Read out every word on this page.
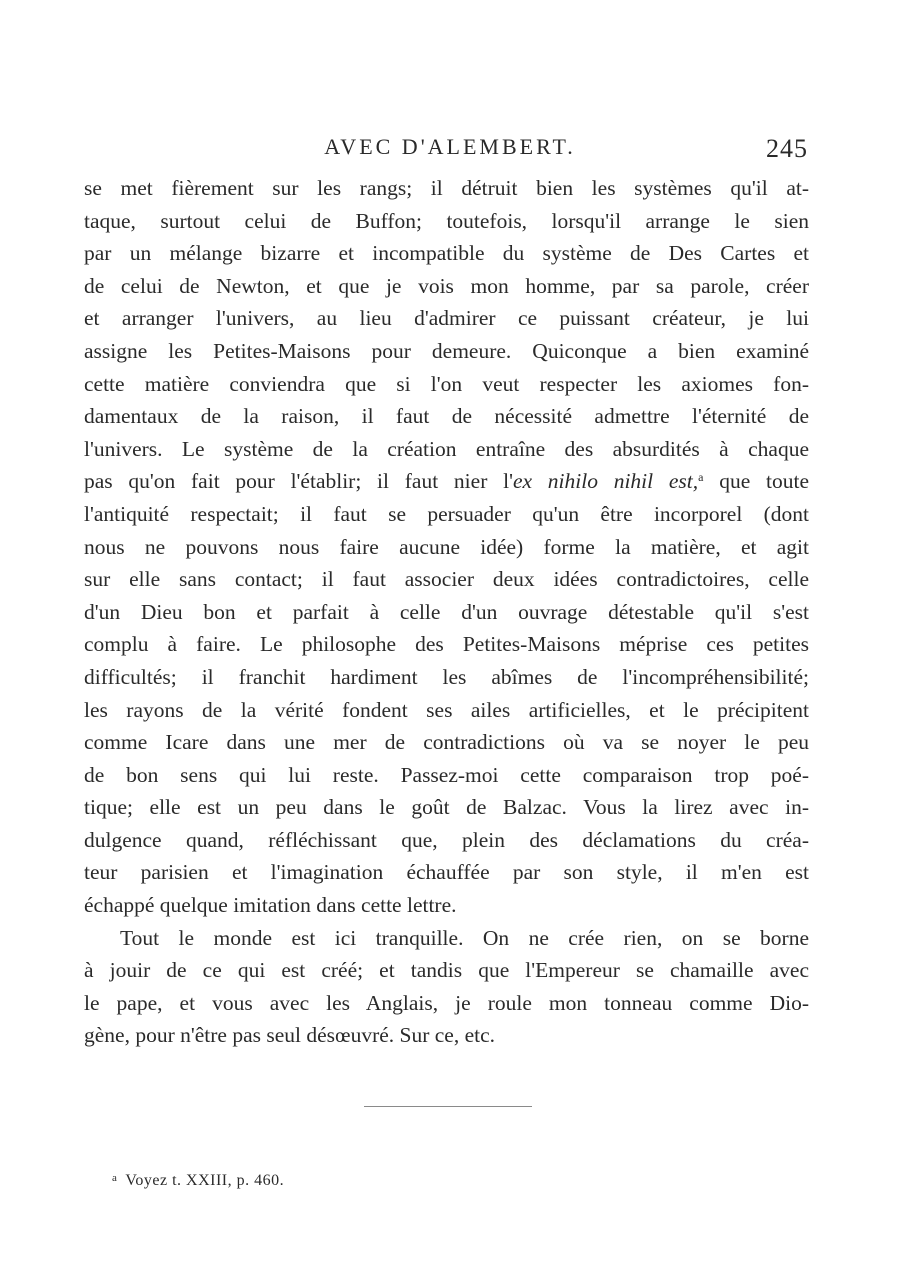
AVEC D'ALEMBERT.	245
se met fièrement sur les rangs; il détruit bien les systèmes qu'il at-
taque, surtout celui de Buffon; toutefois, lorsqu'il arrange le sien
par un mélange bizarre et incompatible du système de Des Cartes et
de celui de Newton, et que je vois mon homme, par sa parole, créer
et arranger l'univers, au lieu d'admirer ce puissant créateur, je lui
assigne les Petites-Maisons pour demeure. Quiconque a bien examiné
cette matière conviendra que si l'on veut respecter les axiomes fon-
damentaux de la raison, il faut de nécessité admettre l'éternité de
l'univers. Le système de la création entraîne des absurdités à chaque
pas qu'on fait pour l'établir; il faut nier l'ex nihilo nihil est,$^a$ que toute
l'antiquité respectait; il faut se persuader qu'un être incorporel (dont
nous ne pouvons nous faire aucune idée) forme la matière, et agit
sur elle sans contact; il faut associer deux idées contradictoires, celle
d'un Dieu bon et parfait à celle d'un ouvrage détestable qu'il s'est
complu à faire. Le philosophe des Petites-Maisons méprise ces petites
difficultés; il franchit hardiment les abîmes de l'incompréhensibilité;
les rayons de la vérité fondent ses ailes artificielles, et le précipitent
comme Icare dans une mer de contradictions où va se noyer le peu
de bon sens qui lui reste. Passez-moi cette comparaison trop poé-
tique; elle est un peu dans le goût de Balzac. Vous la lirez avec in-
dulgence quand, réfléchissant que, plein des déclamations du créa-
teur parisien et l'imagination échauffée par son style, il m'en est
échappé quelque imitation dans cette lettre.
Tout le monde est ici tranquille. On ne crée rien, on se borne
à jouir de ce qui est créé; et tandis que l'Empereur se chamaille avec
le pape, et vous avec les Anglais, je roule mon tonneau comme Dio-
gène, pour n'être pas seul désœuvré. Sur ce, etc.
$^a$ Voyez t. XXIII, p. 460.
